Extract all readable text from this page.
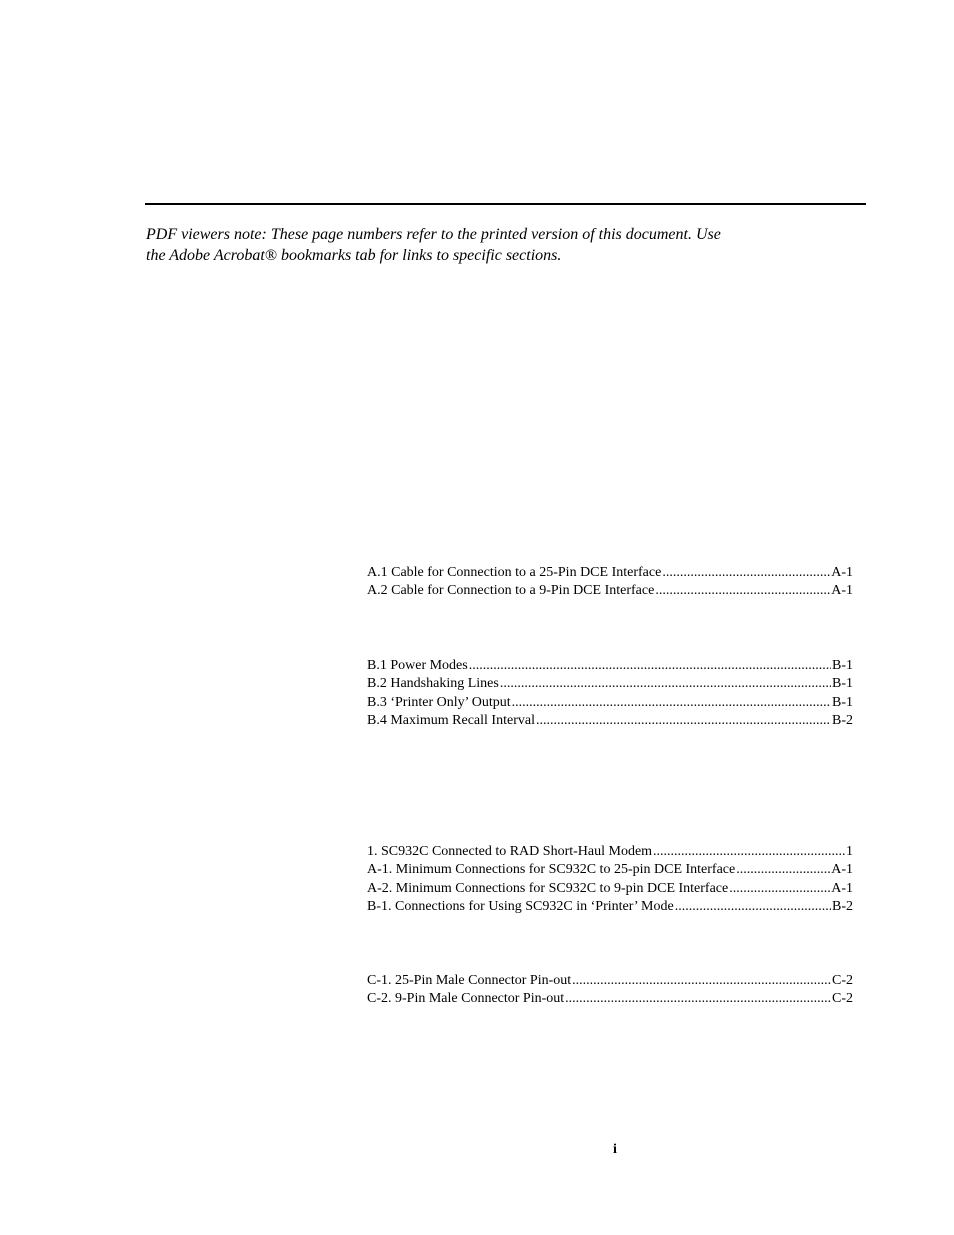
PDF viewers note: These page numbers refer to the printed version of this document. Use

the Adobe Acrobat® bookmarks tab for links to specific sections.

A.1 Cable for Connection to a 25-Pin DCE Interface .....	A-1
A.2 Cable for Connection to a 9-Pin DCE Interface .....	A-1
B.1 Power Modes .....	B-1
B.2 Handshaking Lines .....	B-1
B.3 ‘Printer Only’ Output .....	B-1
B.4 Maximum Recall Interval .....	B-2
1. SC932C Connected to RAD Short-Haul Modem .....	1
A-1. Minimum Connections for SC932C to 25-pin DCE Interface .....	A-1
A-2. Minimum Connections for SC932C to 9-pin DCE Interface .....	A-1
B-1. Connections for Using SC932C in ‘Printer’ Mode .....	B-2
C-1. 25-Pin Male Connector Pin-out .....	C-2
C-2. 9-Pin Male Connector Pin-out .....	C-2
i
